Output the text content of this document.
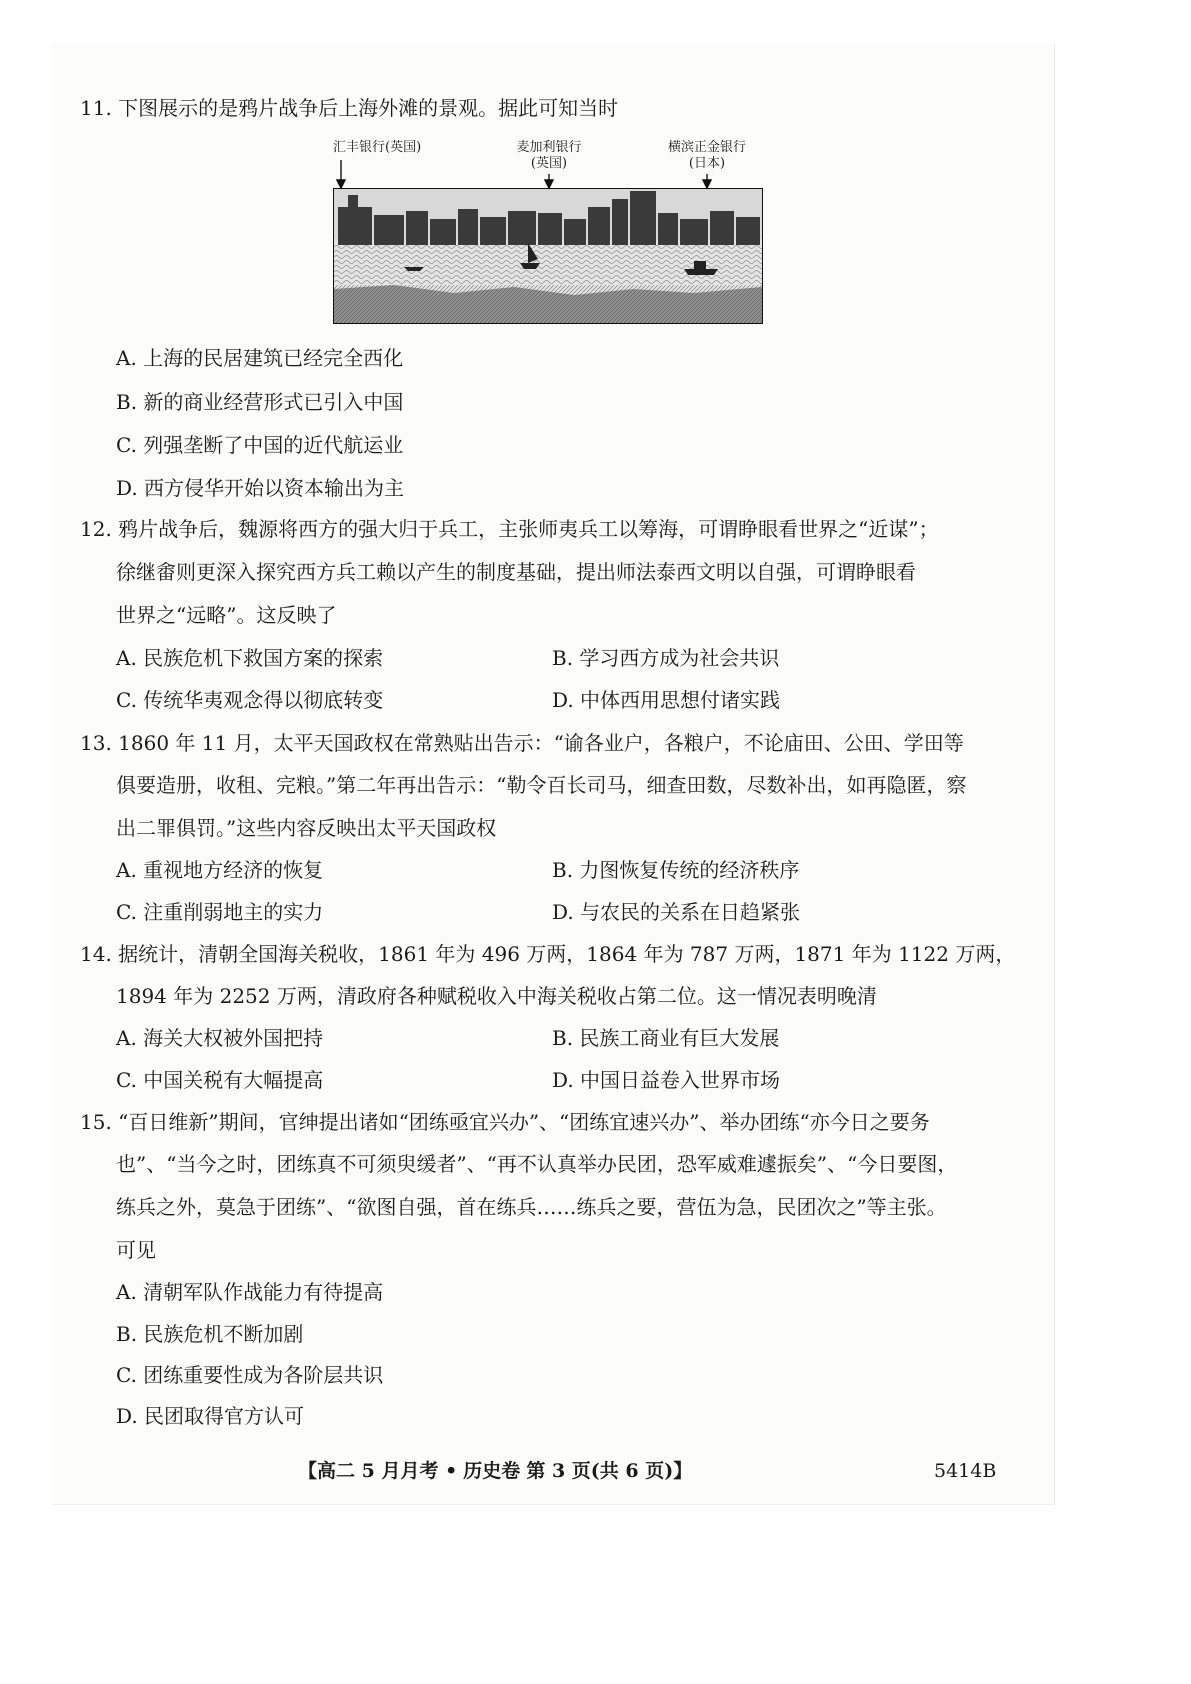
11. 下图展示的是鸦片战争后上海外滩的景观。据此可知当时
汇丰银行(英国)	麦加利银行
(英国)
横滨正金银行
(日本)
A. 上海的民居建筑已经完全西化
B. 新的商业经营形式已引入中国
C. 列强垄断了中国的近代航运业
D. 西方侵华开始以资本输出为主
12. 鸦片战争后，魏源将西方的强大归于兵工，主张师夷兵工以筹海，可谓睁眼看世界之“近谋”；
徐继畬则更深入探究西方兵工赖以产生的制度基础，提出师法泰西文明以自强，可谓睁眼看
世界之“远略”。这反映了
A. 民族危机下救国方案的探索	B. 学习西方成为社会共识
C. 传统华夷观念得以彻底转变	D. 中体西用思想付诸实践
13. 1860 年 11 月，太平天国政权在常熟贴出告示：“谕各业户，各粮户，不论庙田、公田、学田等
俱要造册，收租、完粮。”第二年再出告示：“勒令百长司马，细查田数，尽数补出，如再隐匿，察
出二罪俱罚。”这些内容反映出太平天国政权
A. 重视地方经济的恢复	B. 力图恢复传统的经济秩序
C. 注重削弱地主的实力	D. 与农民的关系在日趋紧张
14. 据统计，清朝全国海关税收，1861 年为 496 万两，1864 年为 787 万两，1871 年为 1122 万两，
1894 年为 2252 万两，清政府各种赋税收入中海关税收占第二位。这一情况表明晚清
A. 海关大权被外国把持	B. 民族工商业有巨大发展
C. 中国关税有大幅提高	D. 中国日益卷入世界市场
15. “百日维新”期间，官绅提出诸如“团练亟宜兴办”、“团练宜速兴办”、举办团练“亦今日之要务
也”、“当今之时，团练真不可须臾缓者”、“再不认真举办民团，恐军威难遽振矣”、“今日要图，
练兵之外，莫急于团练”、“欲图自强，首在练兵……练兵之要，营伍为急，民团次之”等主张。
可见
A. 清朝军队作战能力有待提高
B. 民族危机不断加剧
C. 团练重要性成为各阶层共识
D. 民团取得官方认可
【高二 5 月月考 • 历史卷 第 3 页(共 6 页)】	5414B
